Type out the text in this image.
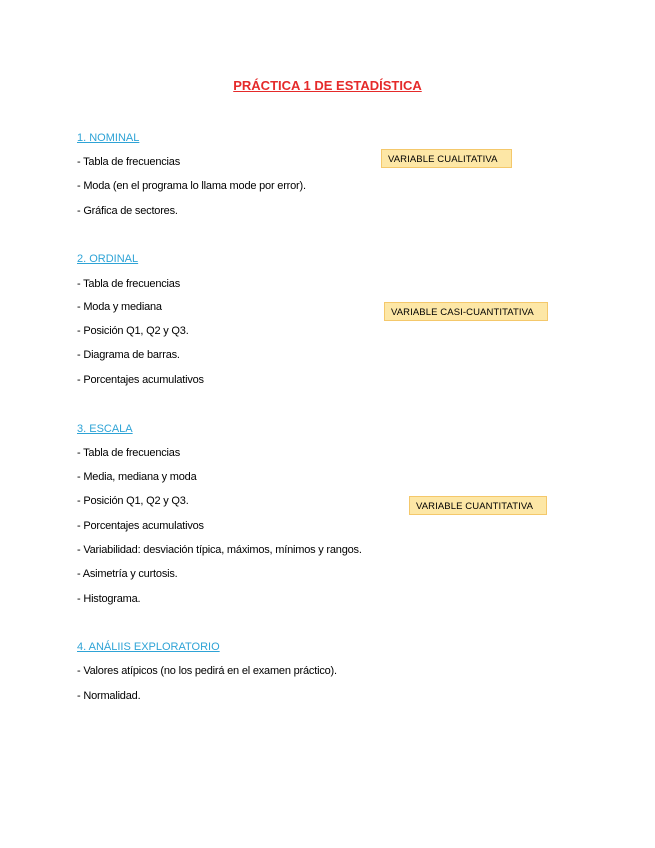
PRÁCTICA 1 DE ESTADÍSTICA
1. NOMINAL
- Tabla de frecuencias
- Moda (en el programa lo llama mode por error).
- Gráfica de sectores.
VARIABLE CUALITATIVA
2. ORDINAL
- Tabla de frecuencias
- Moda y mediana
- Posición Q1, Q2 y Q3.
- Diagrama de barras.
- Porcentajes acumulativos
VARIABLE CASI-CUANTITATIVA
3. ESCALA
- Tabla de frecuencias
- Media, mediana y moda
- Posición Q1, Q2 y Q3.
- Porcentajes acumulativos
- Variabilidad: desviación típica, máximos, mínimos y rangos.
- Asimetría y curtosis.
- Histograma.
VARIABLE CUANTITATIVA
4. ANÁLIIS EXPLORATORIO
- Valores atípicos (no los pedirá en el examen práctico).
- Normalidad.
